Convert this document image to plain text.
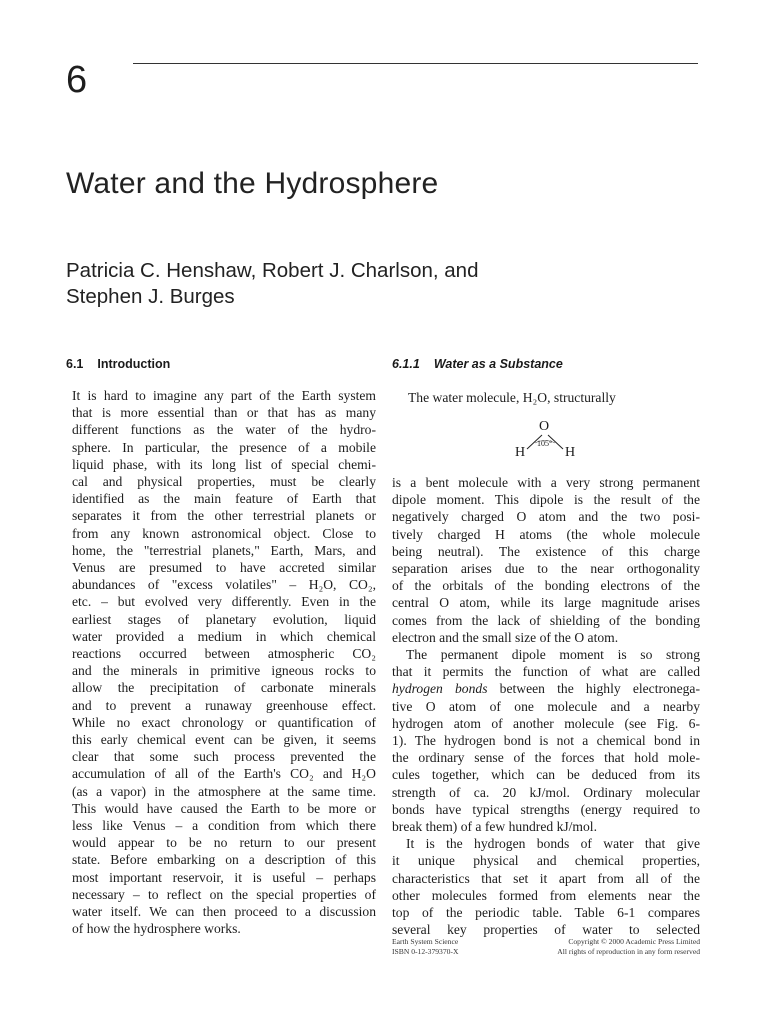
6
Water and the Hydrosphere
Patricia C. Henshaw, Robert J. Charlson, and
Stephen J. Burges
6.1 Introduction
It is hard to imagine any part of the Earth system
that is more essential than or that has as many
different functions as the water of the hydro-
sphere. In particular, the presence of a mobile
liquid phase, with its long list of special chemi-
cal and physical properties, must be clearly
identified as the main feature of Earth that
separates it from the other terrestrial planets or
from any known astronomical object. Close to
home, the "terrestrial planets," Earth, Mars, and
Venus are presumed to have accreted similar
abundances of "excess volatiles" – H₂O, CO₂,
etc. – but evolved very differently. Even in the
earliest stages of planetary evolution, liquid
water provided a medium in which chemical
reactions occurred between atmospheric CO₂
and the minerals in primitive igneous rocks to
allow the precipitation of carbonate minerals
and to prevent a runaway greenhouse effect.
While no exact chronology or quantification of
this early chemical event can be given, it seems
clear that some such process prevented the
accumulation of all of the Earth's CO₂ and H₂O
(as a vapor) in the atmosphere at the same time.
This would have caused the Earth to be more or
less like Venus – a condition from which there
would appear to be no return to our present
state. Before embarking on a description of this
most important reservoir, it is useful – perhaps
necessary – to reflect on the special properties of
water itself. We can then proceed to a discussion
of how the hydrosphere works.
6.1.1 Water as a Substance
The water molecule, H₂O, structurally
O
H	H
105°
is a bent molecule with a very strong permanent
dipole moment. This dipole is the result of the
negatively charged O atom and the two posi-
tively charged H atoms (the whole molecule
being neutral). The existence of this charge
separation arises due to the near orthogonality
of the orbitals of the bonding electrons of the
central O atom, while its large magnitude arises
comes from the lack of shielding of the bonding
electron and the small size of the O atom.
The permanent dipole moment is so strong
that it permits the function of what are called
hydrogen bonds between the highly electronega-
tive O atom of one molecule and a nearby
hydrogen atom of another molecule (see Fig. 6-
1). The hydrogen bond is not a chemical bond in
the ordinary sense of the forces that hold mole-
cules together, which can be deduced from its
strength of ca. 20 kJ/mol. Ordinary molecular
bonds have typical strengths (energy required to
break them) of a few hundred kJ/mol.
It is the hydrogen bonds of water that give
it unique physical and chemical properties,
characteristics that set it apart from all of the
other molecules formed from elements near the
top of the periodic table. Table 6-1 compares
several key properties of water to selected
Earth System Science
ISBN 0-12-379370-X
Copyright © 2000 Academic Press Limited
All rights of reproduction in any form reserved
